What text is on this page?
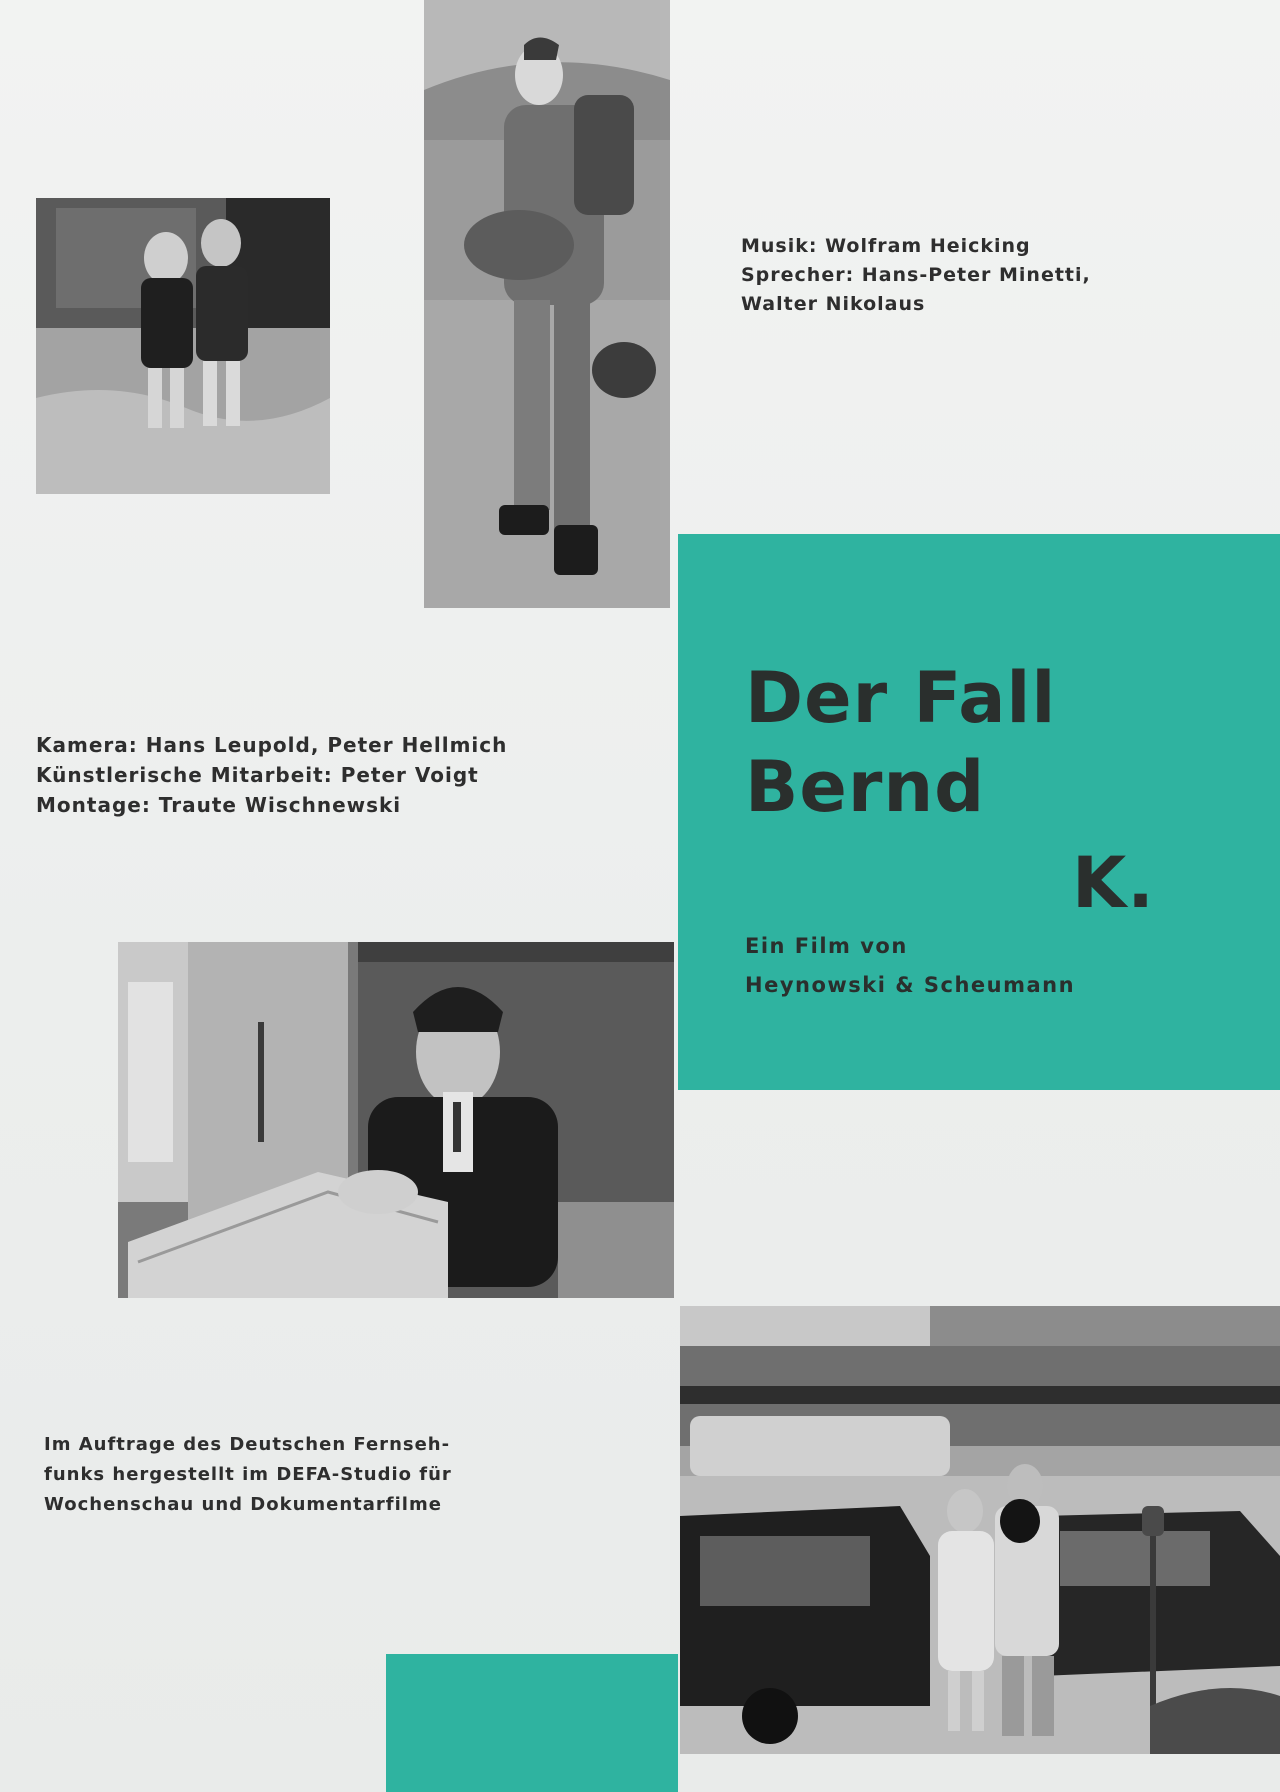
Musik: Wolfram Heicking
Sprecher: Hans-Peter Minetti,
Walter Nikolaus
Der Fall
Bernd
K.
Ein Film von
Heynowski & Scheumann
Kamera: Hans Leupold, Peter Hellmich
Künstlerische Mitarbeit: Peter Voigt
Montage: Traute Wischnewski
Im Auftrage des Deutschen Fernseh-
funks hergestellt im DEFA-Studio für
Wochenschau und Dokumentarfilme
